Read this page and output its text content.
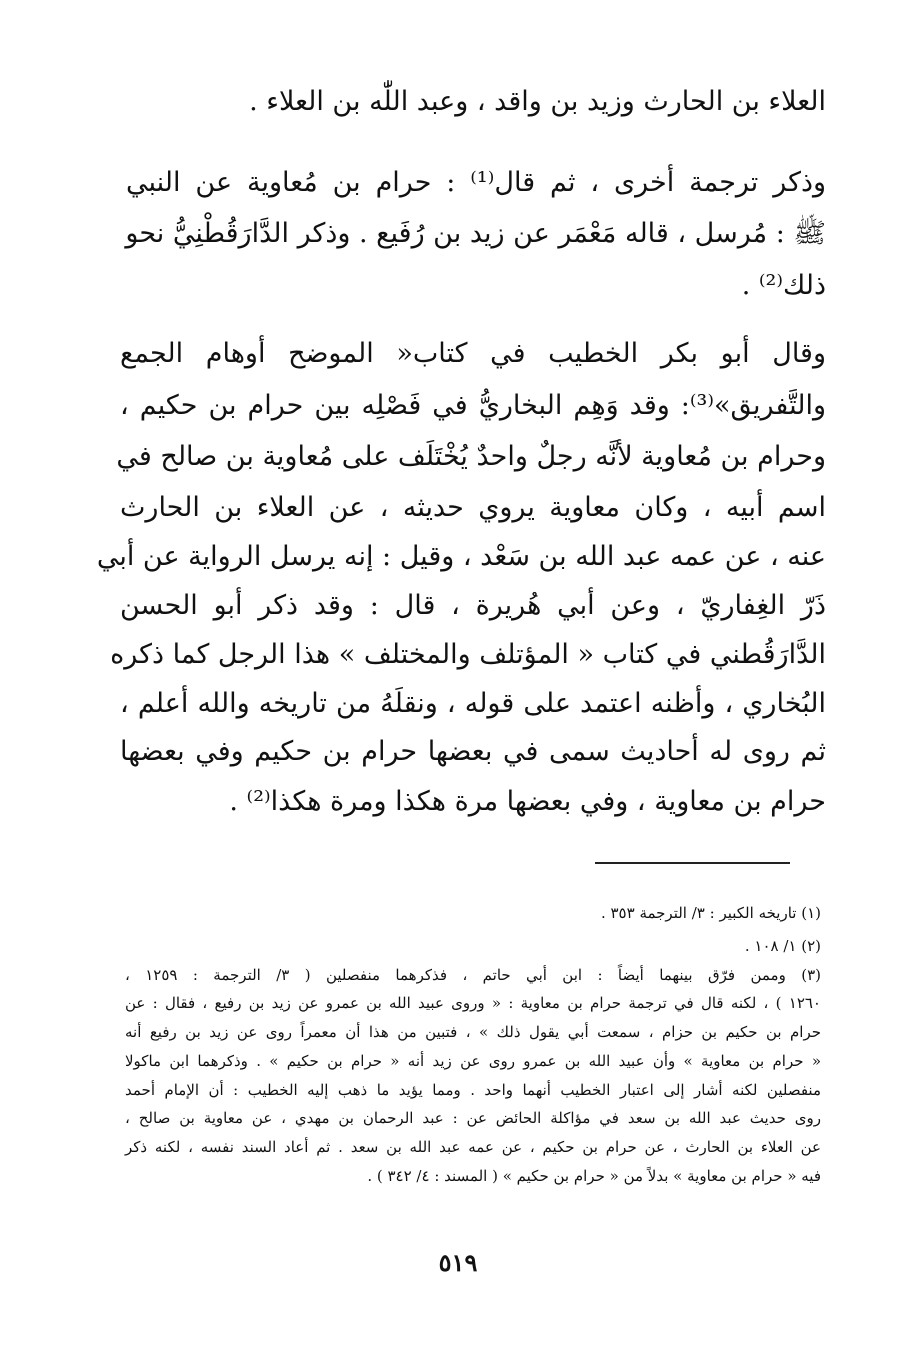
العلاء بن الحارث وزيد بن واقد ، وعبد اللّٰه بن العلاء .
وذكر ترجمة أخرى ، ثم قال⁽¹⁾ : حرام بن مُعاوية عن النبي
ﷺ : مُرسل ، قاله مَعْمَر عن زيد بن رُفَيع . وذكر الدَّارَقُطْنِيُّ نحو
ذلك⁽²⁾ .
وقال أبو بكر الخطيب في كتاب« الموضح أوهام الجمع
والتَّفريق»⁽³⁾: وقد وَهِم البخاريُّ في فَصْلِه بين حرام بن حكيم ،
وحرام بن مُعاوية لأنَّه رجلٌ واحدٌ يُخْتَلَف على مُعاوية بن صالح في
اسم أبيه ، وكان معاوية يروي حديثه ، عن العلاء بن الحارث
عنه ، عن عمه عبد الله بن سَعْد ، وقيل : إنه يرسل الرواية عن أبي
ذَرّ الغِفاريّ ، وعن أبي هُريرة ، قال : وقد ذكر أبو الحسن
الدَّارَقُطني في كتاب « المؤتلف والمختلف » هذا الرجل كما ذكره
البُخاري ، وأظنه اعتمد على قوله ، ونقلَهُ من تاريخه والله أعلم ،
ثم روى له أحاديث سمى في بعضها حرام بن حكيم وفي بعضها
حرام بن معاوية ، وفي بعضها مرة هكذا ومرة هكذا⁽²⁾ .
(١) تاريخه الكبير : ٣/ الترجمة ٣٥٣ .
(٢) ١/ ١٠٨ .
(٣) وممن فرّق بينهما أيضاً : ابن أبي حاتم ، فذكرهما منفصلين ( ٣/ الترجمة : ١٢٥٩ ،
١٢٦٠ ) ، لكنه قال في ترجمة حرام بن معاوية : « وروى عبيد الله بن عمرو عن زيد بن رفيع ، فقال : عن
حرام بن حكيم بن حزام ، سمعت أبي يقول ذلك » ، فتبين من هذا أن معمراً روى عن زيد بن رفيع أنه
« حرام بن معاوية » وأن عبيد الله بن عمرو روى عن زيد أنه « حرام بن حكيم » . وذكرهما ابن ماكولا
منفصلين لكنه أشار إلى اعتبار الخطيب أنهما واحد . ومما يؤيد ما ذهب إليه الخطيب : أن الإمام أحمد
روى حديث عبد الله بن سعد في مؤاكلة الحائض عن : عبد الرحمان بن مهدي ، عن معاوية بن صالح ،
عن العلاء بن الحارث ، عن حرام بن حكيم ، عن عمه عبد الله بن سعد . ثم أعاد السند نفسه ، لكنه ذكر
فيه « حرام بن معاوية » بدلاً من « حرام بن حكيم » ( المسند : ٤/ ٣٤٢ ) .
٥١٩
